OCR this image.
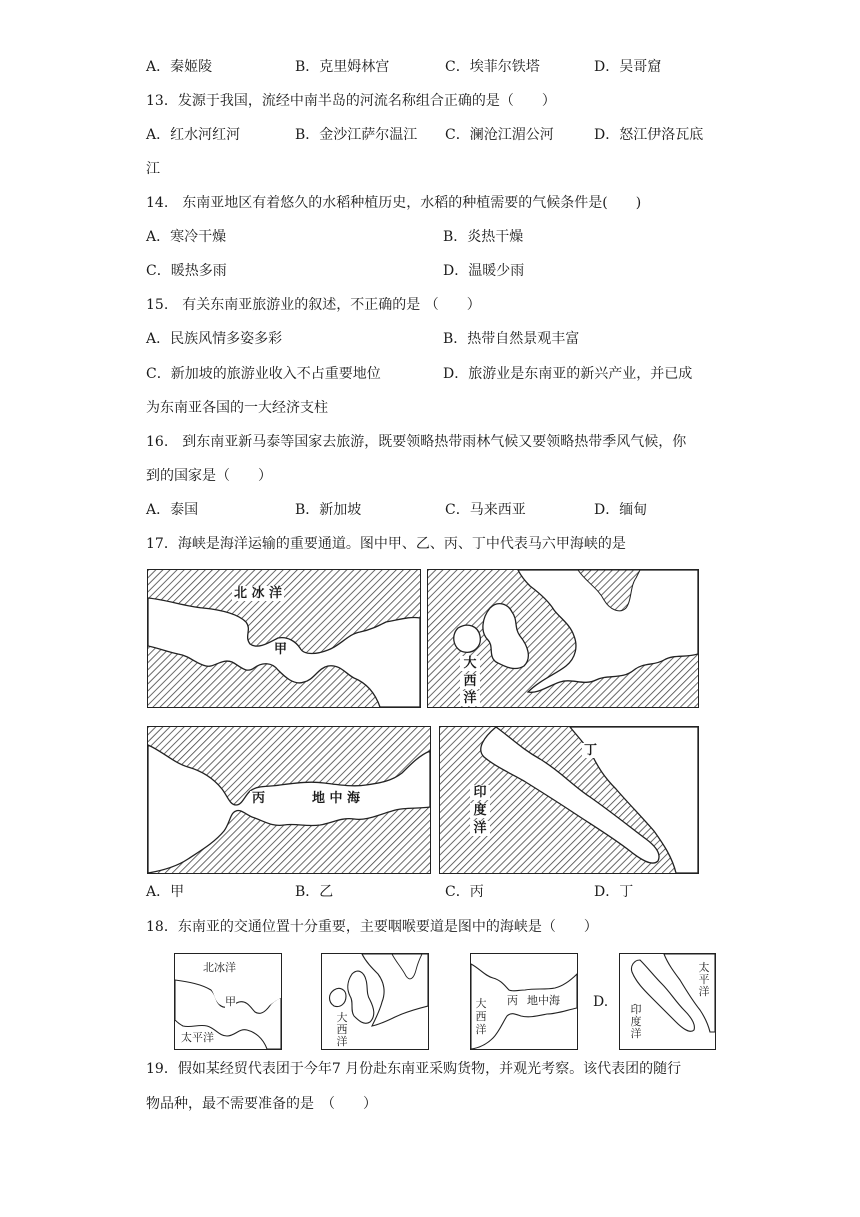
A．秦姬陵	B．克里姆林宫	C．埃菲尔铁塔	D．吴哥窟
13．发源于我国，流经中南半岛的河流名称组合正确的是（　　）
A．红水河红河	B．金沙江萨尔温江 C．澜沧江湄公河	D．怒江伊洛瓦底
江
14.　东南亚地区有着悠久的水稻种植历史，水稻的种植需要的气候条件是(　　)
A．寒冷干燥	B．炎热干燥
C．暖热多雨	D．温暖少雨
15.　有关东南亚旅游业的叙述，不正确的是 （　　）
A．民族风情多姿多彩	B．热带自然景观丰富
C．新加坡的旅游业收入不占重要地位	D．旅游业是东南亚的新兴产业，并已成
为东南亚各国的一大经济支柱
16.　到东南亚新马泰等国家去旅游，既要领略热带雨林气候又要领略热带季风气候，你
到的国家是（　　）
A．泰国	B．新加坡	C．马来西亚	D．缅甸
17．海峡是海洋运输的重要通道。图中甲、乙、丙、丁中代表马六甲海峡的是
北 冰 洋
甲
大
西
洋
丙	地 中 海
丁
印
度
洋
A．甲	B．乙	C．丙	D．丁
18．东南亚的交通位置十分重要，主要咽喉要道是图中的海峡是（　　）
北冰洋
甲
太平洋
大
西
洋
大
西
洋
丙 地中海 D.
太
平
洋
印
度
洋
19．假如某经贸代表团于今年7 月份赴东南亚采购货物，并观光考察。该代表团的随行
物品种，最不需要准备的是　（　　）
